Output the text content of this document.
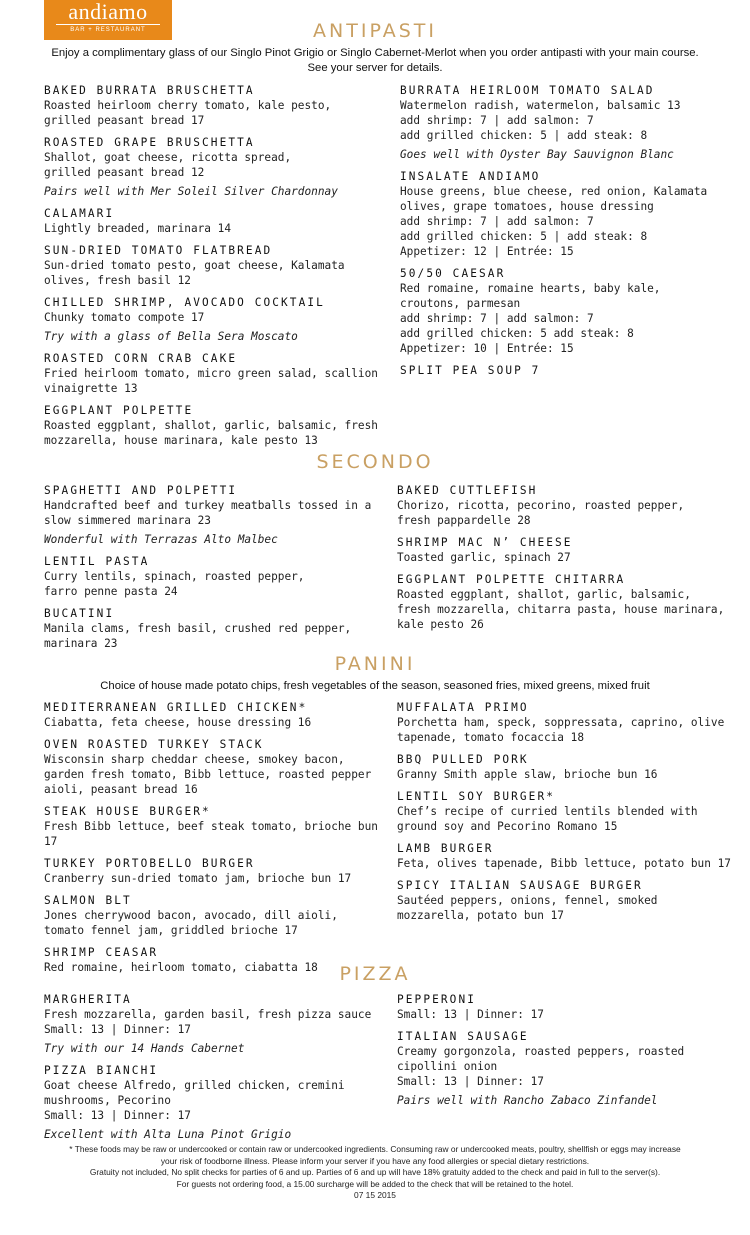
andiamo
BAR + RESTAURANT	ANTIPASTI
Enjoy a complimentary glass of our Singlo Pinot Grigio or Singlo Cabernet-Merlot when you order antipasti with your main course.
See your server for details.
BAKED BURRATA BRUSCHETTA
Roasted heirloom cherry tomato, kale pesto,
grilled peasant bread 17
ROASTED GRAPE BRUSCHETTA
Shallot, goat cheese, ricotta spread,
grilled peasant bread 12
Pairs well with Mer Soleil Silver Chardonnay
CALAMARI
Lightly breaded, marinara 14
SUN-DRIED TOMATO FLATBREAD
Sun-dried tomato pesto, goat cheese, Kalamata
olives, fresh basil 12
CHILLED SHRIMP, AVOCADO COCKTAIL
Chunky tomato compote 17
Try with a glass of Bella Sera Moscato
ROASTED CORN CRAB CAKE
Fried heirloom tomato, micro green salad, scallion
vinaigrette 13
EGGPLANT POLPETTE
Roasted eggplant, shallot, garlic, balsamic, fresh
mozzarella, house marinara, kale pesto 13
BURRATA HEIRLOOM TOMATO SALAD
Watermelon radish, watermelon, balsamic 13
add shrimp: 7 | add salmon: 7
add grilled chicken: 5 | add steak: 8
Goes well with Oyster Bay Sauvignon Blanc
INSALATE ANDIAMO
House greens, blue cheese, red onion, Kalamata
olives, grape tomatoes, house dressing
add shrimp: 7 | add salmon: 7
add grilled chicken: 5 | add steak: 8
Appetizer: 12 | Entrée: 15
50/50 CAESAR
Red romaine, romaine hearts, baby kale,
croutons, parmesan
add shrimp: 7 | add salmon: 7
add grilled chicken: 5 add steak: 8
Appetizer: 10 | Entrée: 15
SPLIT PEA SOUP 7
SECONDO
SPAGHETTI AND POLPETTI
Handcrafted beef and turkey meatballs tossed in a
slow simmered marinara 23
Wonderful with Terrazas Alto Malbec
LENTIL PASTA
Curry lentils, spinach, roasted pepper,
farro penne pasta 24
BUCATINI
Manila clams, fresh basil, crushed red pepper,
marinara 23
BAKED CUTTLEFISH
Chorizo, ricotta, pecorino, roasted pepper,
fresh pappardelle 28
SHRIMP MAC N’ CHEESE
Toasted garlic, spinach 27
EGGPLANT POLPETTE CHITARRA
Roasted eggplant, shallot, garlic, balsamic,
fresh mozzarella, chitarra pasta, house marinara,
kale pesto 26
PANINI
Choice of house made potato chips, fresh vegetables of the season, seasoned fries, mixed greens, mixed fruit
MEDITERRANEAN GRILLED CHICKEN*
Ciabatta, feta cheese, house dressing 16
OVEN ROASTED TURKEY STACK
Wisconsin sharp cheddar cheese, smokey bacon,
garden fresh tomato, Bibb lettuce, roasted pepper
aioli, peasant bread 16
STEAK HOUSE BURGER*
Fresh Bibb lettuce, beef steak tomato, brioche bun 17
TURKEY PORTOBELLO BURGER
Cranberry sun-dried tomato jam, brioche bun 17
SALMON BLT
Jones cherrywood bacon, avocado, dill aioli,
tomato fennel jam, griddled brioche 17
SHRIMP CEASAR
Red romaine, heirloom tomato, ciabatta 18
MUFFALATA PRIMO
Porchetta ham, speck, soppressata, caprino, olive
tapenade, tomato focaccia 18
BBQ PULLED PORK
Granny Smith apple slaw, brioche bun 16
LENTIL SOY BURGER*
Chef’s recipe of curried lentils blended with
ground soy and Pecorino Romano 15
LAMB BURGER
Feta, olives tapenade, Bibb lettuce, potato bun 17
SPICY ITALIAN SAUSAGE BURGER
Sautéed peppers, onions, fennel, smoked
mozzarella, potato bun 17
PIZZA
MARGHERITA
Fresh mozzarella, garden basil, fresh pizza sauce
Small: 13 | Dinner: 17
Try with our 14 Hands Cabernet
PIZZA BIANCHI
Goat cheese Alfredo, grilled chicken, cremini
mushrooms, Pecorino
Small: 13 | Dinner: 17
Excellent with Alta Luna Pinot Grigio
PEPPERONI
Small: 13 | Dinner: 17
ITALIAN SAUSAGE
Creamy gorgonzola, roasted peppers, roasted
cipollini onion
Small: 13 | Dinner: 17
Pairs well with Rancho Zabaco Zinfandel
* These foods may be raw or undercooked or contain raw or undercooked ingredients. Consuming raw or undercooked meats, poultry, shellfish or eggs may increase
your risk of foodborne illness. Please inform your server if you have any food allergies or special dietary restrictions.
Gratuity not included, No split checks for parties of 6 and up. Parties of 6 and up will have 18% gratuity added to the check and paid in full to the server(s).
For guests not ordering food, a 15.00 surcharge will be added to the check that will be retained to the hotel.
07 15 2015
